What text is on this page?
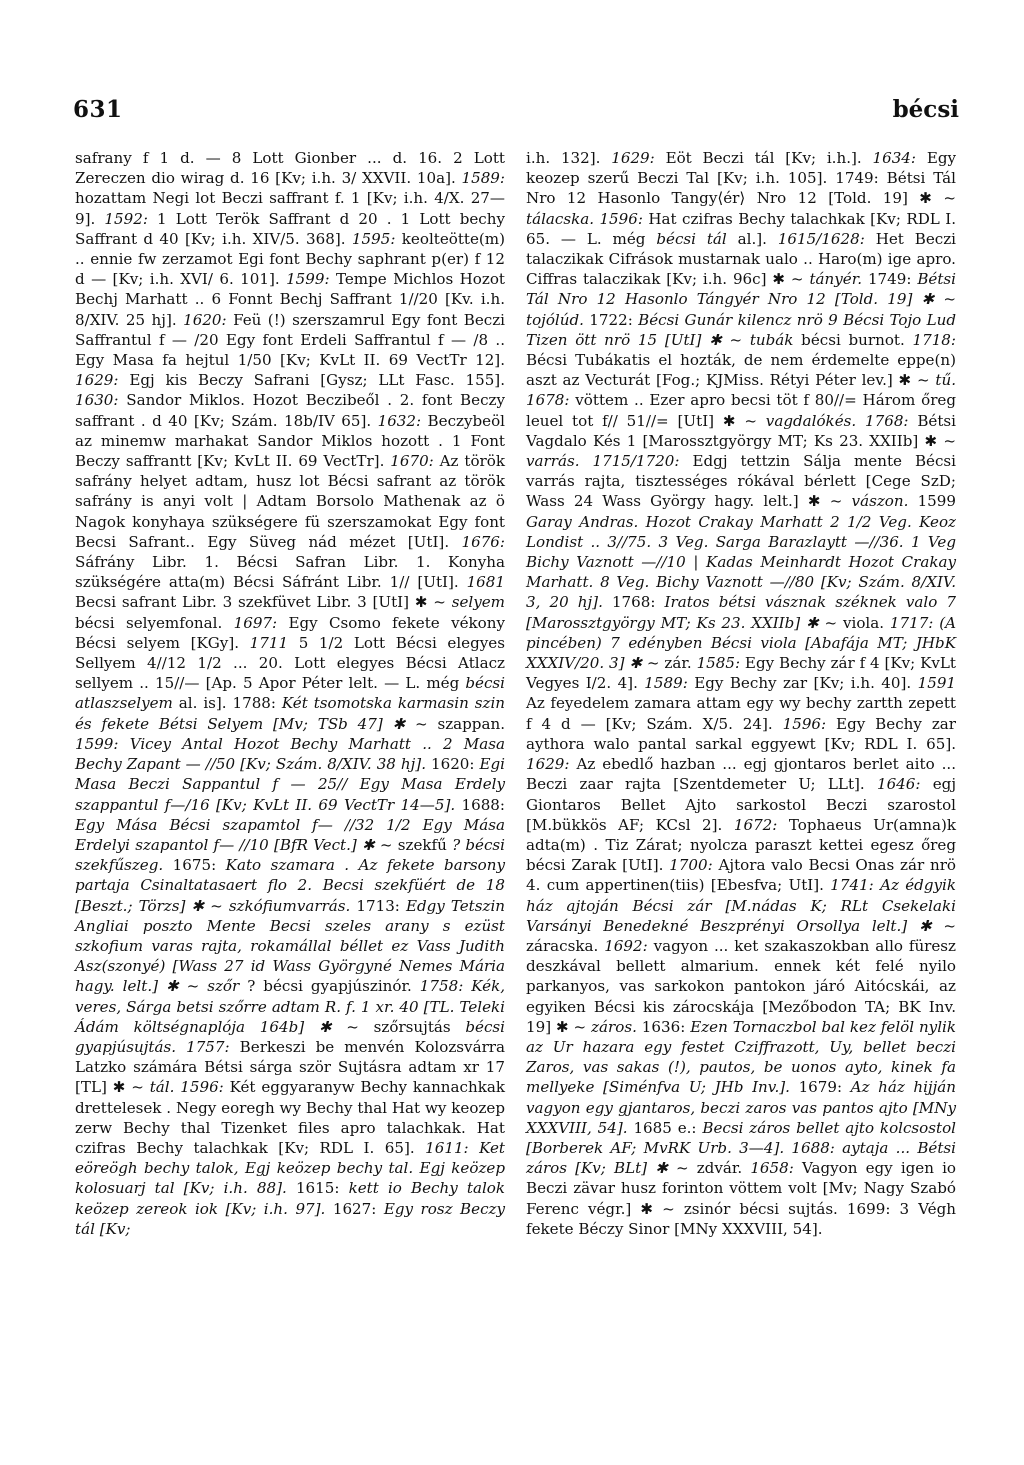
631	bécsi

safrany f 1 d. — 8 Lott Gionber ... d. 16. 2 Lott Zereczen dio wirag d. 16 [Kv; i.h. 3/ XXVII. 10a]. 1589: hozattam Negi lot Beczi saffrant f. 1 [Kv; i.h. 4/X. 27—9]. 1592: 1 Lott Terök Saffrant d 20 . 1 Lott bechy Saffrant d 40 [Kv; i.h. XIV/5. 368]. 1595: keolteötte(m) .. ennie fw zerzamot Egi font Bechy saphrant p(er) f 12 d — [Kv; i.h. XVI/ 6. 101]. 1599: Tempe Michlos Hozot Bechj Marhatt .. 6 Fonnt Bechj Saffrant 1//20 [Kv. i.h. 8/XIV. 25 hj]. 1620: Feü (!) szerszamrul Egy font Beczi Saffrantul f — /20 Egy font Erdeli Saffrantul f — /8 .. Egy Masa fa hejtul 1/50 [Kv; KvLt II. 69 VectTr 12]. 1629: Egj kis Beczy Safrani [Gysz; LLt Fasc. 155]. 1630: Sandor Miklos. Hozot Beczibeől . 2. font Beczy saffrant . d 40 [Kv; Szám. 18b/IV 65]. 1632: Beczybeöl az minemw marhakat Sandor Miklos hozott . 1 Font Beczy saffrantt [Kv; KvLt II. 69 VectTr]. 1670: Az török safrány helyet adtam, husz lot Bécsi safrant az török safrány is anyi volt | Adtam Borsolo Mathenak az ö Nagok konyhaya szükségere fü szerszamokat Egy font Becsi Safrant.. Egy Süveg nád mézet [UtI]. 1676: Sáfrány Libr. 1. Bécsi Safran Libr. 1. Konyha szükségére atta(m) Bécsi Sáfránt Libr. 1// [UtI]. 1681 Becsi safrant Libr. 3 szekfüvet Libr. 3 [UtI] ✱ ~ selyem bécsi selyemfonal. 1697: Egy Csomo fekete vékony Bécsi selyem [KGy]. 1711 5 1/2 Lott Bécsi elegyes Sellyem 4//12 1/2 ... 20. Lott elegyes Bécsi Atlacz sellyem .. 15//— [Ap. 5 Apor Péter lelt. — L. még bécsi atlaszselyem al. is]. 1788: Két tsomotska karmasin szin és fekete Bétsi Selyem [Mv; TSb 47] ✱ ~ szappan. 1599: Vicey Antal Hozot Bechy Marhatt .. 2 Masa Bechy Zapant — //50 [Kv; Szám. 8/XIV. 38 hj]. 1620: Egi Masa Beczi Sappantul f — 25// Egy Masa Erdely szappantul f—/16 [Kv; KvLt II. 69 VectTr 14—5]. 1688: Egy Mása Bécsi szapamtol f— //32 1/2 Egy Mása Erdelyi szapantol f— //10 [BfR Vect.] ✱ ~ szekfű ? bécsi szekfűszeg. 1675: Kato szamara . Az fekete barsony partaja Csinaltatasaert flo 2. Becsi szekfüért de 18 [Beszt.; Törzs] ✱ ~ szkófiumvarrás. 1713: Edgy Tetszin Angliai poszto Mente Becsi szeles arany s ezüst szkofium varas rajta, rokamállal béllet ez Vass Judith Asz(szonyé) [Wass 27 id Wass Györgyné Nemes Mária hagy. lelt.] ✱ ~ szőr ? bécsi gyapjúszinór. 1758: Kék, veres, Sárga betsi szőrre adtam R. f. 1 xr. 40 [TL. Teleki Ádám költségnaplója 164b] ✱ ~ szőrsujtás bécsi gyapjúsujtás. 1757: Berkeszi be menvén Kolozsvárra Latzko számára Bétsi sárga ször Sujtásra adtam xr 17 [TL] ✱ ~ tál. 1596: Két eggyaranyw Bechy kannachkak drettelesek . Negy eoregh wy Bechy thal Hat wy keozep zerw Bechy thal Tizenket files apro talachkak. Hat czifras Bechy talachkak [Kv; RDL I. 65]. 1611: Ket eöreögh bechy talok, Egj keözep bechy tal. Egj keözep kolosuarj tal [Kv; i.h. 88]. 1615: kett io Bechy talok keözep zereok iok [Kv; i.h. 97]. 1627: Egy rosz Beczy tál [Kv;

i.h. 132]. 1629: Eöt Beczi tál [Kv; i.h.]. 1634: Egy keozep szerű Beczi Tal [Kv; i.h. 105]. 1749: Bétsi Tál Nro 12 Hasonlo Tangy⟨ér⟩ Nro 12 [Told. 19] ✱ ~ tálacska. 1596: Hat czifras Bechy talachkak [Kv; RDL I. 65. — L. még bécsi tál al.]. 1615/1628: Het Beczi talaczikak Cifrások mustarnak ualo .. Haro(m) ige apro. Ciffras talaczikak [Kv; i.h. 96c] ✱ ~ tányér. 1749: Bétsi Tál Nro 12 Hasonlo Tángyér Nro 12 [Told. 19] ✱ ~ tojólúd. 1722: Bécsi Gunár kilencz nrö 9 Bécsi Tojo Lud Tizen ött nrö 15 [UtI] ✱ ~ tubák bécsi burnot. 1718: Bécsi Tubákatis el hozták, de nem érdemelte eppe(n) aszt az Vecturát [Fog.; KJMiss. Rétyi Péter lev.] ✱ ~ tű. 1678: vöttem .. Ezer apro becsi töt f 80//= Három őreg leuel tot f// 51//= [UtI] ✱ ~ vagdalókés. 1768: Bétsi Vagdalo Kés 1 [Marossztgyörgy MT; Ks 23. XXIIb] ✱ ~ varrás. 1715/1720: Edgj tettzin Sálja mente Bécsi varrás rajta, tisztességes rókával bérlett [Cege SzD; Wass 24 Wass György hagy. lelt.] ✱ ~ vászon. 1599 Garay Andras. Hozot Crakay Marhatt 2 1/2 Veg. Keoz Londist .. 3//75. 3 Veg. Sarga Barazlaytt —//36. 1 Veg Bichy Vaznott —//10 | Kadas Meinhardt Hozot Crakay Marhatt. 8 Veg. Bichy Vaznott —//80 [Kv; Szám. 8/XIV. 3, 20 hj]. 1768: Iratos bétsi vásznak széknek valo 7 [Marossztgyörgy MT; Ks 23. XXIIb] ✱ ~ viola. 1717: (A pincében) 7 edényben Bécsi viola [Abafája MT; JHbK XXXIV/20. 3] ✱ ~ zár. 1585: Egy Bechy zár f 4 [Kv; KvLt Vegyes I/2. 4]. 1589: Egy Bechy zar [Kv; i.h. 40]. 1591 Az feyedelem zamara attam egy wy bechy zartth zepett f 4 d — [Kv; Szám. X/5. 24]. 1596: Egy Bechy zar aythora walo pantal sarkal eggyewt [Kv; RDL I. 65]. 1629: Az ebedlő hazban ... egj gjontaros berlet aito ... Beczi zaar rajta [Szentdemeter U; LLt]. 1646: egj Giontaros Bellet Ajto sarkostol Beczi szarostol [M.bükkös AF; KCsl 2]. 1672: Tophaeus Ur(amna)k adta(m) . Tiz Zárat; nyolcza paraszt kettei egesz őreg bécsi Zarak [UtI]. 1700: Ajtora valo Becsi Onas zár nrö 4. cum appertinen(tiis) [Ebesfva; UtI]. 1741: Az édgyik ház ajtoján Bécsi zár [M.nádas K; RLt Csekelaki Varsányi Benedekné Beszprényi Orsollya lelt.] ✱ ~ záracska. 1692: vagyon ... ket szakaszokban allo füresz deszkával bellett almarium. ennek két felé nyilo parkanyos, vas sarkokon pantokon járó Aitócskái, az egyiken Bécsi kis zárocskája [Mezőbodon TA; BK Inv. 19] ✱ ~ záros. 1636: Ezen Tornaczbol bal kez felöl nylik az Ur hazara egy festet Cziffrazott, Uy, bellet beczi Zaros, vas sakas (!), pautos, be uonos ayto, kinek fa mellyeke [Siménfva U; JHb Inv.]. 1679: Az ház hijján vagyon egy gjantaros, beczi zaros vas pantos ajto [MNy XXXVIII, 54]. 1685 e.: Becsi záros bellet ajto kolcsostol [Borberek AF; MvRK Urb. 3—4]. 1688: aytaja ... Bétsi záros [Kv; BLt] ✱ ~ zdvár. 1658: Vagyon egy igen io Beczi zävar husz forinton vöttem volt [Mv; Nagy Szabó Ferenc végr.] ✱ ~ zsinór bécsi sujtás. 1699: 3 Végh fekete Béczy Sinor [MNy XXXVIII, 54].
